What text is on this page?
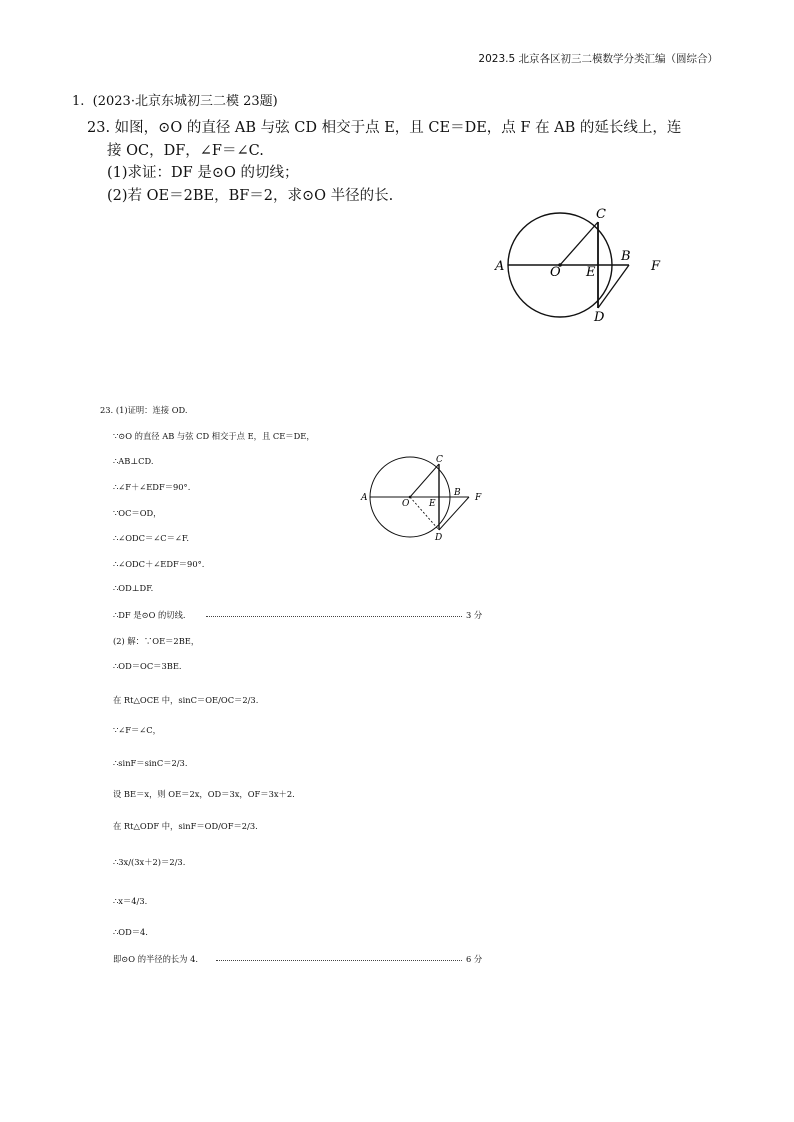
2023.5 北京各区初三二模数学分类汇编（圆综合）
1. (2023·北京东城初三二模 23题)
23. 如图，⊙O 的直径 AB 与弦 CD 相交于点 E，且 CE＝DE，点 F 在 AB 的延长线上，连
接 OC，DF，∠F＝∠C.
(1)求证：DF 是⊙O 的切线；
(2)若 OE＝2BE，BF＝2，求⊙O 半径的长.
A	O E
B
F
C
D
A
O E
B F
C
D
23. (1)证明：连接 OD.
∵⊙O 的直径 AB 与弦 CD 相交于点 E，且 CE＝DE，
∴AB⊥CD.
∴∠F＋∠EDF＝90°.
∵OC＝OD，
∴∠ODC＝∠C＝∠F.
∴∠ODC＋∠EDF＝90°.
∴OD⊥DF.
∴DF 是⊙O 的切线.	3 分
(2) 解：∵OE＝2BE，
∴OD＝OC＝3BE.
在 Rt△OCE 中，sinC＝OE/OC＝2/3.
∵∠F＝∠C，
∴sinF＝sinC＝2/3.
设 BE＝x，则 OE＝2x，OD＝3x，OF＝3x＋2.
在 Rt△ODF 中，sinF＝OD/OF＝2/3.
∴3x/(3x＋2)＝2/3.
∴x＝4/3.
∴OD＝4.
即⊙O 的半径的长为 4.	6 分
